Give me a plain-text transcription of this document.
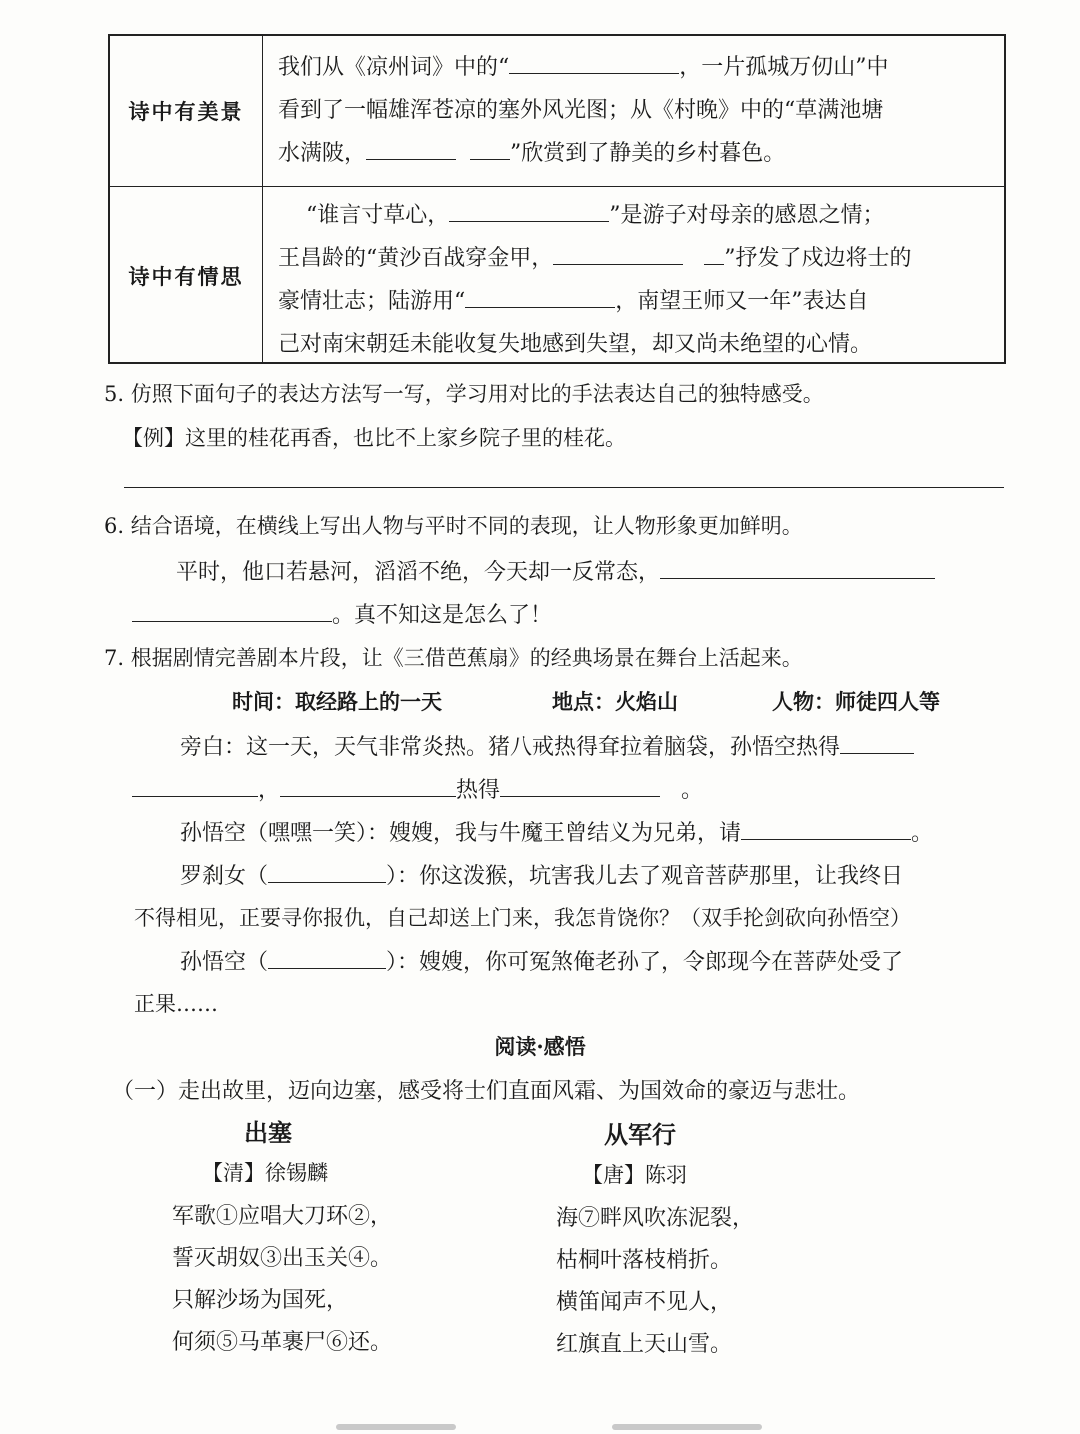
诗中有美景
我们从《凉州词》中的“	，一片孤城万仞山”中
看到了一幅雄浑苍凉的塞外风光图；从《村晚》中的“草满池塘
水满陂，	”欣赏到了静美的乡村暮色。
诗中有情思
“谁言寸草心，	”是游子对母亲的感恩之情；
王昌龄的“黄沙百战穿金甲，	”抒发了戍边将士的
豪情壮志；陆游用“	，南望王师又一年”表达自
己对南宋朝廷未能收复失地感到失望，却又尚未绝望的心情。
5. 仿照下面句子的表达方法写一写，学习用对比的手法表达自己的独特感受。
【例】这里的桂花再香，也比不上家乡院子里的桂花。
6. 结合语境，在横线上写出人物与平时不同的表现，让人物形象更加鲜明。
平时，他口若悬河，滔滔不绝，今天却一反常态，
。真不知这是怎么了！
7. 根据剧情完善剧本片段，让《三借芭蕉扇》的经典场景在舞台上活起来。
时间：取经路上的一天	地点：火焰山	人物：师徒四人等
旁白：这一天，天气非常炎热。猪八戒热得耷拉着脑袋，孙悟空热得
，	热得	。
孙悟空（嘿嘿一笑）：嫂嫂，我与牛魔王曾结义为兄弟，请	。
罗刹女（	）：你这泼猴，坑害我儿去了观音菩萨那里，让我终日
不得相见，正要寻你报仇，自己却送上门来，我怎肯饶你？（双手抡剑砍向孙悟空）
孙悟空（	）：嫂嫂，你可冤煞俺老孙了，令郎现今在菩萨处受了
正果……
阅读·感悟
（一）走出故里，迈向边塞，感受将士们直面风霜、为国效命的豪迈与悲壮。
出塞
【清】徐锡麟
军歌①应唱大刀环②，
誓灭胡奴③出玉关④。
只解沙场为国死，
何须⑤马革裹尸⑥还。
从军行
【唐】陈羽
海⑦畔风吹冻泥裂，
枯桐叶落枝梢折。
横笛闻声不见人，
红旗直上天山雪。
